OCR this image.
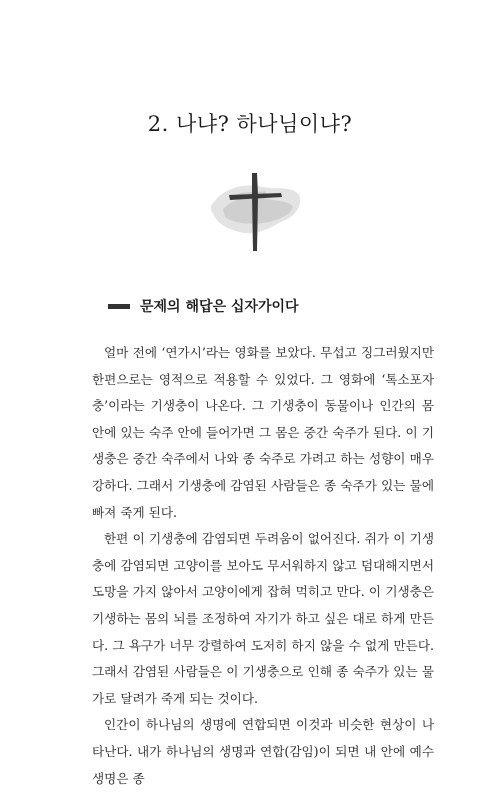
2. 나냐? 하나님이냐?
문제의 해답은 십자가이다

얼마 전에 ‘연가시’라는 영화를 보았다. 무섭고 징그러웠지만 한편으로는 영적으로 적용할 수 있었다. 그 영화에 ‘톡소포자충’이라는 기생충이 나온다. 그 기생충이 동물이나 인간의 몸 안에 있는 숙주 안에 들어가면 그 몸은 중간 숙주가 된다. 이 기생충은 중간 숙주에서 나와 종 숙주로 가려고 하는 성향이 매우 강하다. 그래서 기생충에 감염된 사람들은 종 숙주가 있는 물에 빠져 죽게 된다.

한편 이 기생충에 감염되면 두려움이 없어진다. 쥐가 이 기생충에 감염되면 고양이를 보아도 무서워하지 않고 덤대해지면서 도망을 가지 않아서 고양이에게 잡혀 먹히고 만다. 이 기생충은 기생하는 몸의 뇌를 조정하여 자기가 하고 싶은 대로 하게 만든다. 그 욕구가 너무 강렬하여 도저히 하지 않을 수 없게 만든다. 그래서 감염된 사람들은 이 기생충으로 인해 종 숙주가 있는 물가로 달려가 죽게 되는 것이다.

인간이 하나님의 생명에 연합되면 이것과 비슷한 현상이 나타난다. 내가 하나님의 생명과 연합(감임)이 되면 내 안에 예수 생명은 종
